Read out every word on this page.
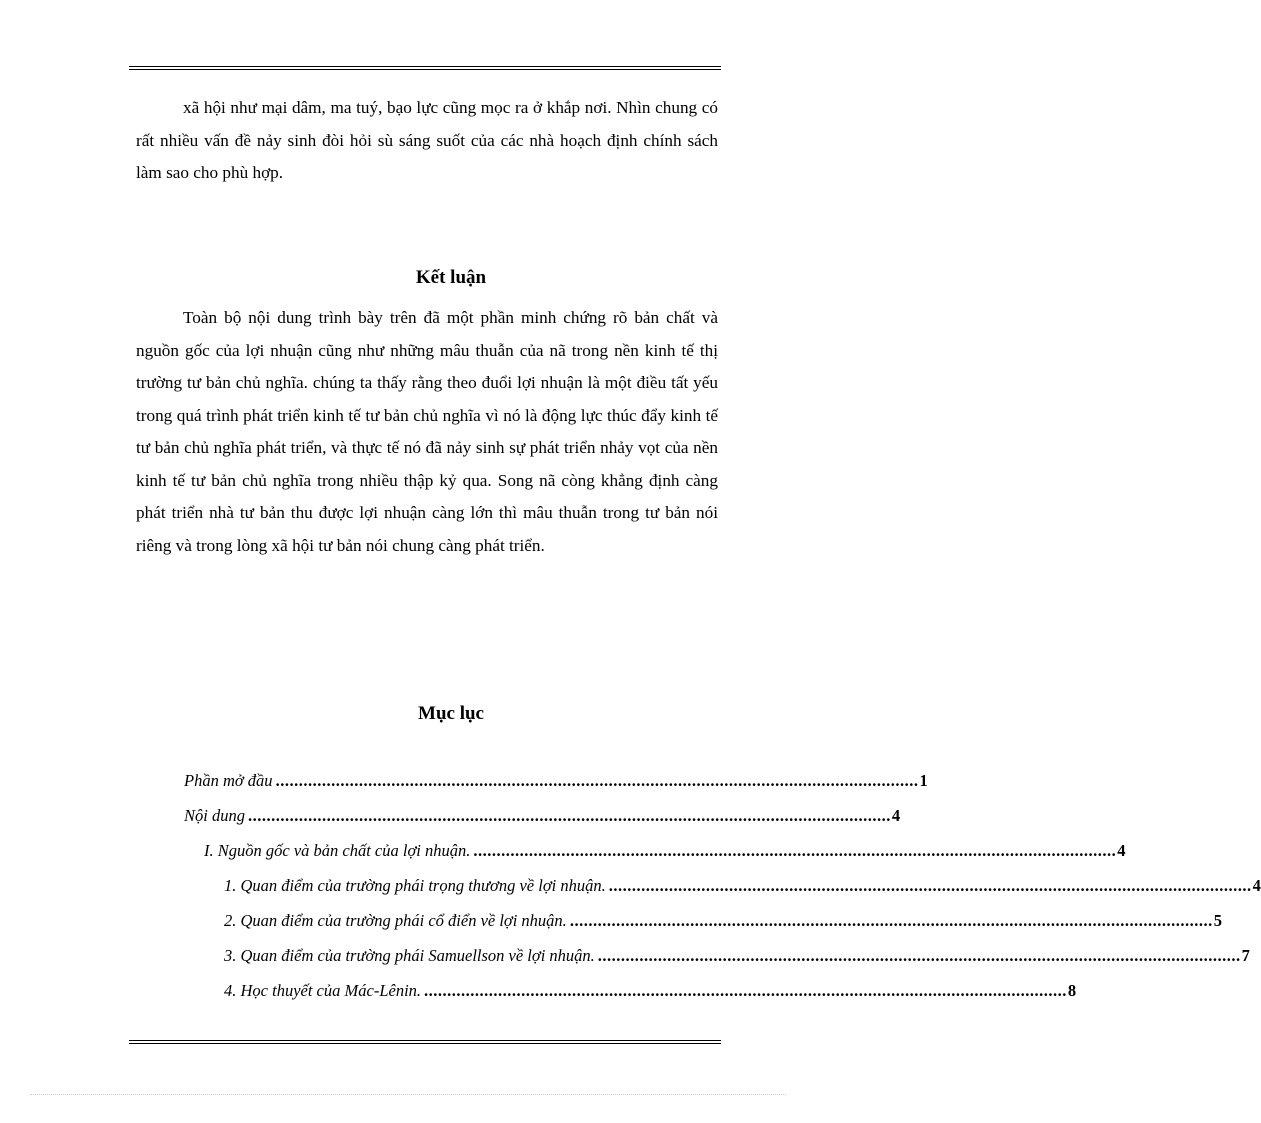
xã hội như mại dâm, ma tuý, bạo lực cũng mọc ra ở khắp nơi. Nhìn chung có rất nhiều vấn đề nảy sinh đòi hỏi sù sáng suốt của các nhà hoạch định chính sách làm sao cho phù hợp.

Kết luận

Toàn bộ nội dung trình bày trên đã một phần minh chứng rõ bản chất và nguồn gốc của lợi nhuận cũng như những mâu thuẫn của nã trong nền kinh tế thị trường tư bản chủ nghĩa. chúng ta thấy rằng theo đuổi lợi nhuận là một điều tất yếu trong quá trình phát triển kinh tế tư bản chủ nghĩa vì nó là động lực thúc đẩy kinh tế tư bản chủ nghĩa phát triển, và thực tế nó đã nảy sinh sự phát triển nhảy vọt của nền kinh tế tư bản chủ nghĩa trong nhiều thập kỷ qua. Song nã còng khẳng định càng phát triển nhà tư bản thu được lợi nhuận càng lớn thì mâu thuẫn trong tư bản nói riêng và trong lòng xã hội tư bản nói chung càng phát triển.

Mục lục
Phần mở đầu ........................................................................................................................................... 1
Nội dung ........................................................................................................................................... 4
I. Nguồn gốc và bản chất của lợi nhuận. ........................................................................................................................................... 4
1. Quan điểm của trường phái trọng thương về lợi nhuận. ........................................................................................................................................... 4
2. Quan điểm của trường phái cổ điển về lợi nhuận. ........................................................................................................................................... 5
3. Quan điểm của trường phái Samuellson về lợi nhuận. ........................................................................................................................................... 7
4. Học thuyết của Mác-Lênin. ........................................................................................................................................... 8
